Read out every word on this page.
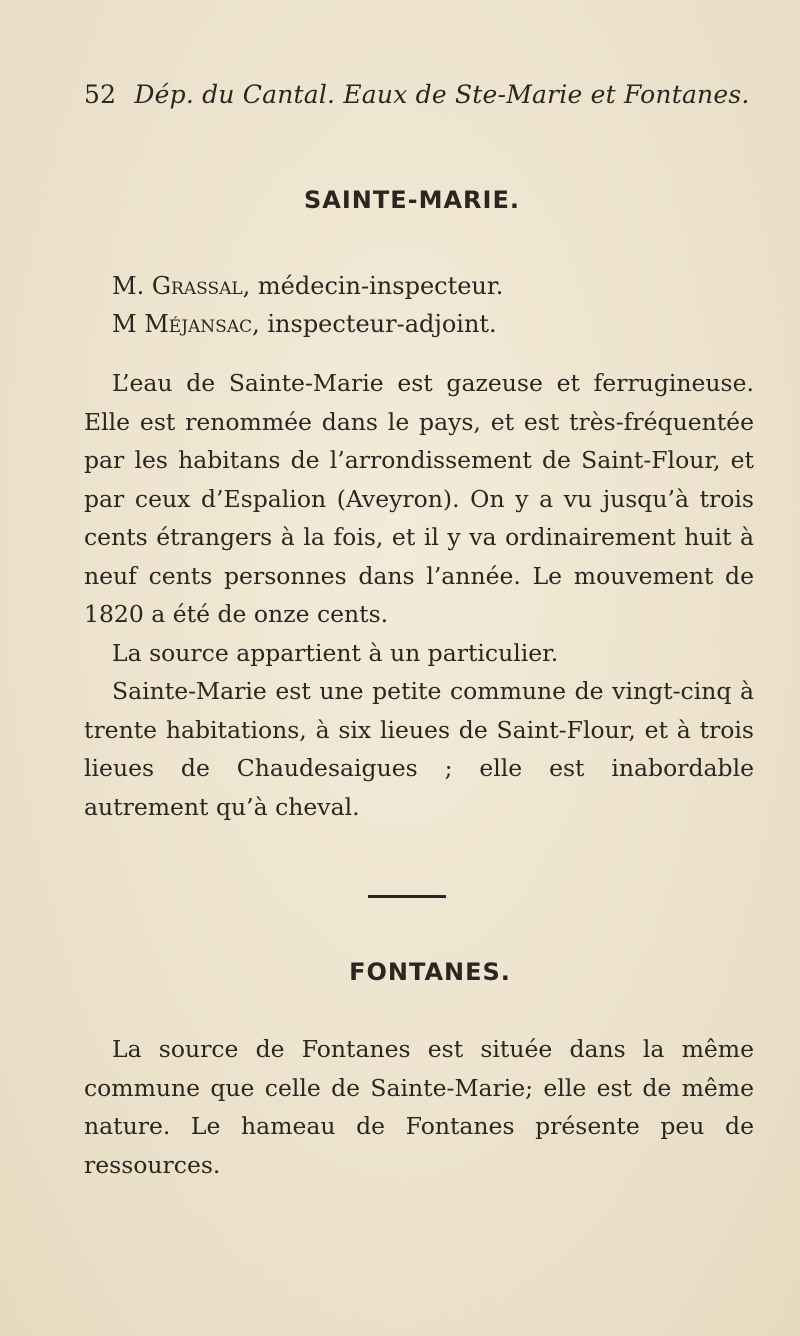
52 Dép. du Cantal. Eaux de Ste-Marie et Fontanes.
SAINTE-MARIE.
M. Grassal, médecin-inspecteur.
M Méjansac, inspecteur-adjoint.

L’eau de Sainte-Marie est gazeuse et ferrugineuse. Elle est renommée dans le pays, et est très-fréquentée par les habitans de l’arrondissement de Saint-Flour, et par ceux d’Espalion (Aveyron). On y a vu jusqu’à trois cents étrangers à la fois, et il y va ordinairement huit à neuf cents personnes dans l’année. Le mouvement de 1820 a été de onze cents.

La source appartient à un particulier.

Sainte-Marie est une petite commune de vingt-cinq à trente habitations, à six lieues de Saint-Flour, et à trois lieues de Chaudesaigues ; elle est inabordable autrement qu’à cheval.

FONTANES.

La source de Fontanes est située dans la même commune que celle de Sainte-Marie; elle est de même nature. Le hameau de Fontanes présente peu de ressources.
